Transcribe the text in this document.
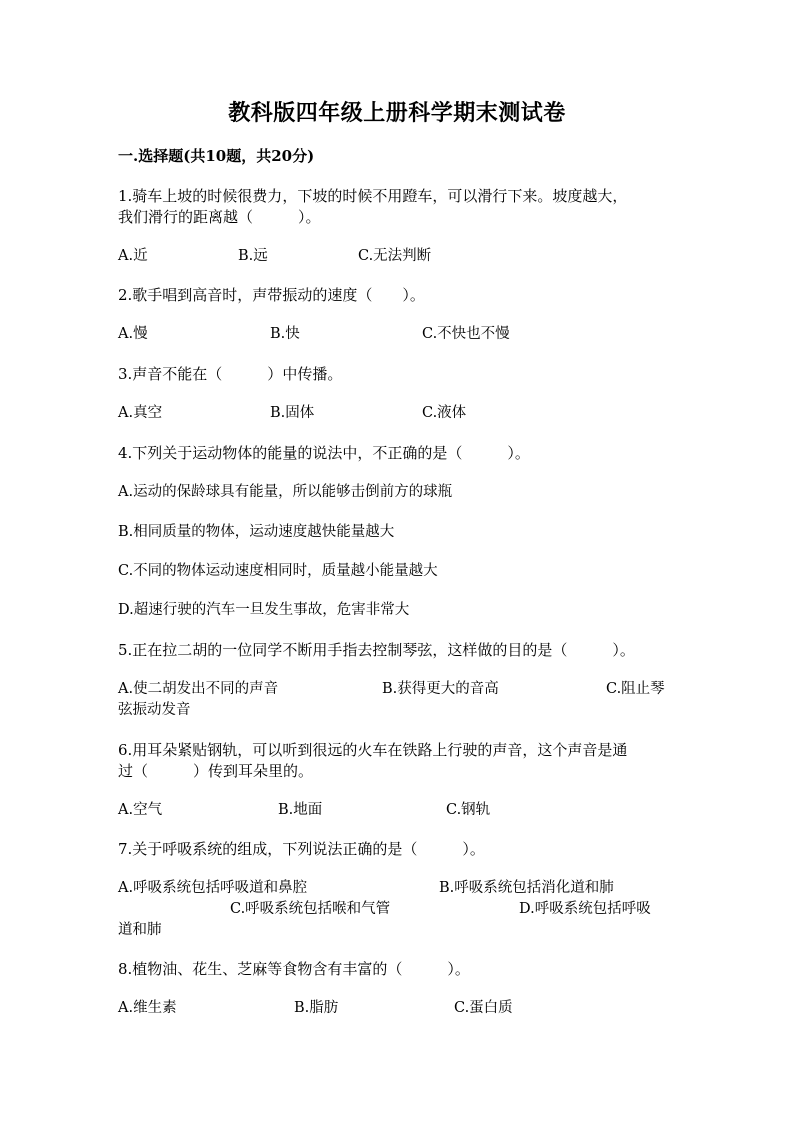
教科版四年级上册科学期末测试卷
一.选择题(共10题，共20分)
1.骑车上坡的时候很费力，下坡的时候不用蹬车，可以滑行下来。坡度越大，
我们滑行的距离越（　　　）。
A.近	B.远	C.无法判断
2.歌手唱到高音时，声带振动的速度（　　）。
A.慢	B.快	C.不快也不慢
3.声音不能在（　　　）中传播。
A.真空	B.固体	C.液体
4.下列关于运动物体的能量的说法中，不正确的是（　　　）。
A.运动的保龄球具有能量，所以能够击倒前方的球瓶
B.相同质量的物体，运动速度越快能量越大
C.不同的物体运动速度相同时，质量越小能量越大
D.超速行驶的汽车一旦发生事故，危害非常大
5.正在拉二胡的一位同学不断用手指去控制琴弦，这样做的目的是（　　　）。
A.使二胡发出不同的声音	B.获得更大的音高	C.阻止琴
弦振动发音
6.用耳朵紧贴钢轨，可以听到很远的火车在铁路上行驶的声音，这个声音是通
过（　　　）传到耳朵里的。
A.空气	B.地面	C.钢轨
7.关于呼吸系统的组成，下列说法正确的是（　　　）。
A.呼吸系统包括呼吸道和鼻腔	B.呼吸系统包括消化道和肺
C.呼吸系统包括喉和气管	D.呼吸系统包括呼吸
道和肺
8.植物油、花生、芝麻等食物含有丰富的（　　　）。
A.维生素	B.脂肪	C.蛋白质
